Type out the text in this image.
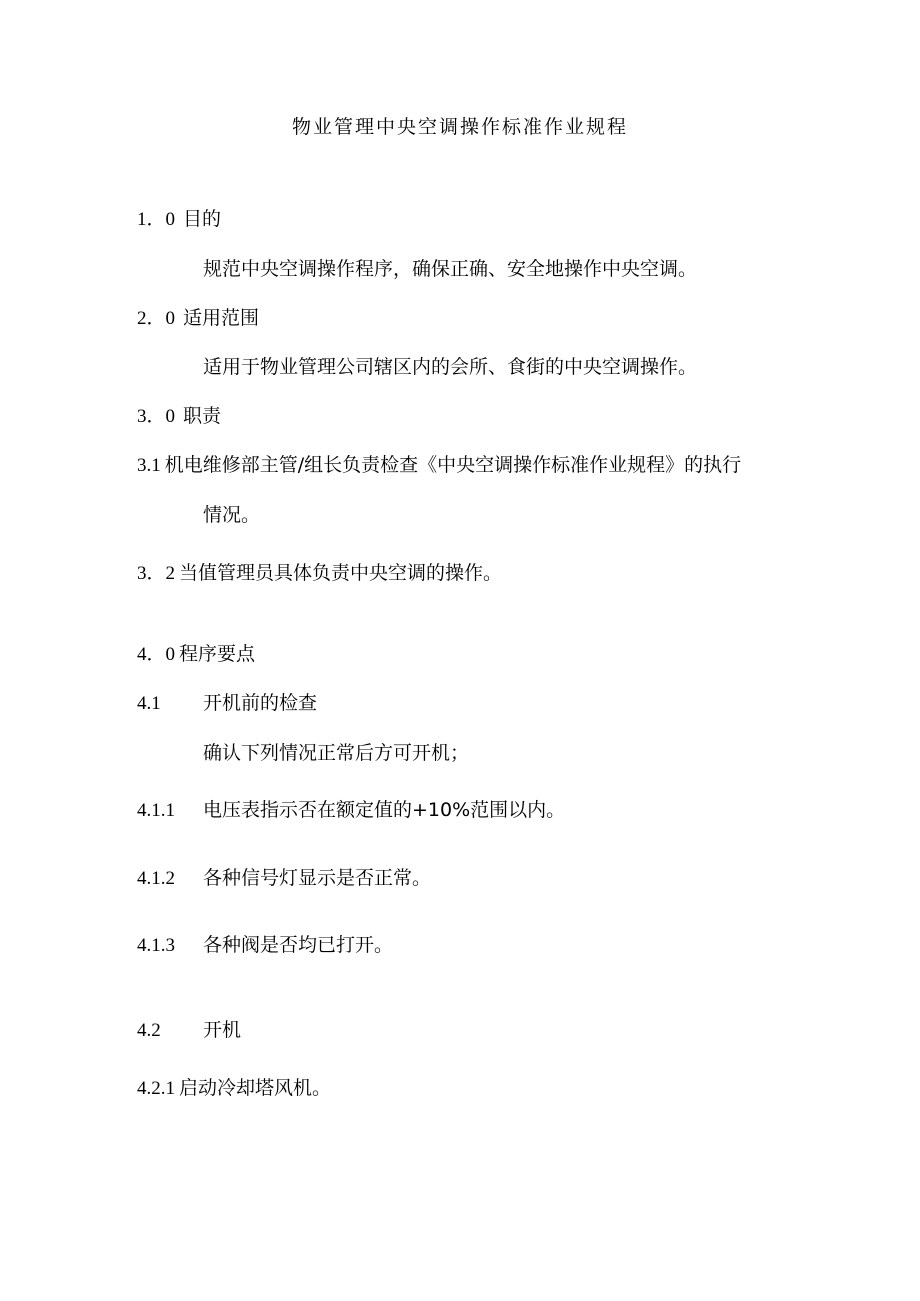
物业管理中央空调操作标准作业规程
1．0 目的
规范中央空调操作程序，确保正确、安全地操作中央空调。
2．0 适用范围
适用于物业管理公司辖区内的会所、食街的中央空调操作。
3．0 职责
3.1 机电维修部主管/组长负责检查《中央空调操作标准作业规程》的执行
情况。
3．2 当值管理员具体负责中央空调的操作。
4．0 程序要点
4.1 开机前的检查
确认下列情况正常后方可开机；
4.1.1 电压表指示否在额定值的+10%范围以内。
4.1.2 各种信号灯显示是否正常。
4.1.3 各种阀是否均已打开。
4.2 开机
4.2.1 启动冷却塔风机。
